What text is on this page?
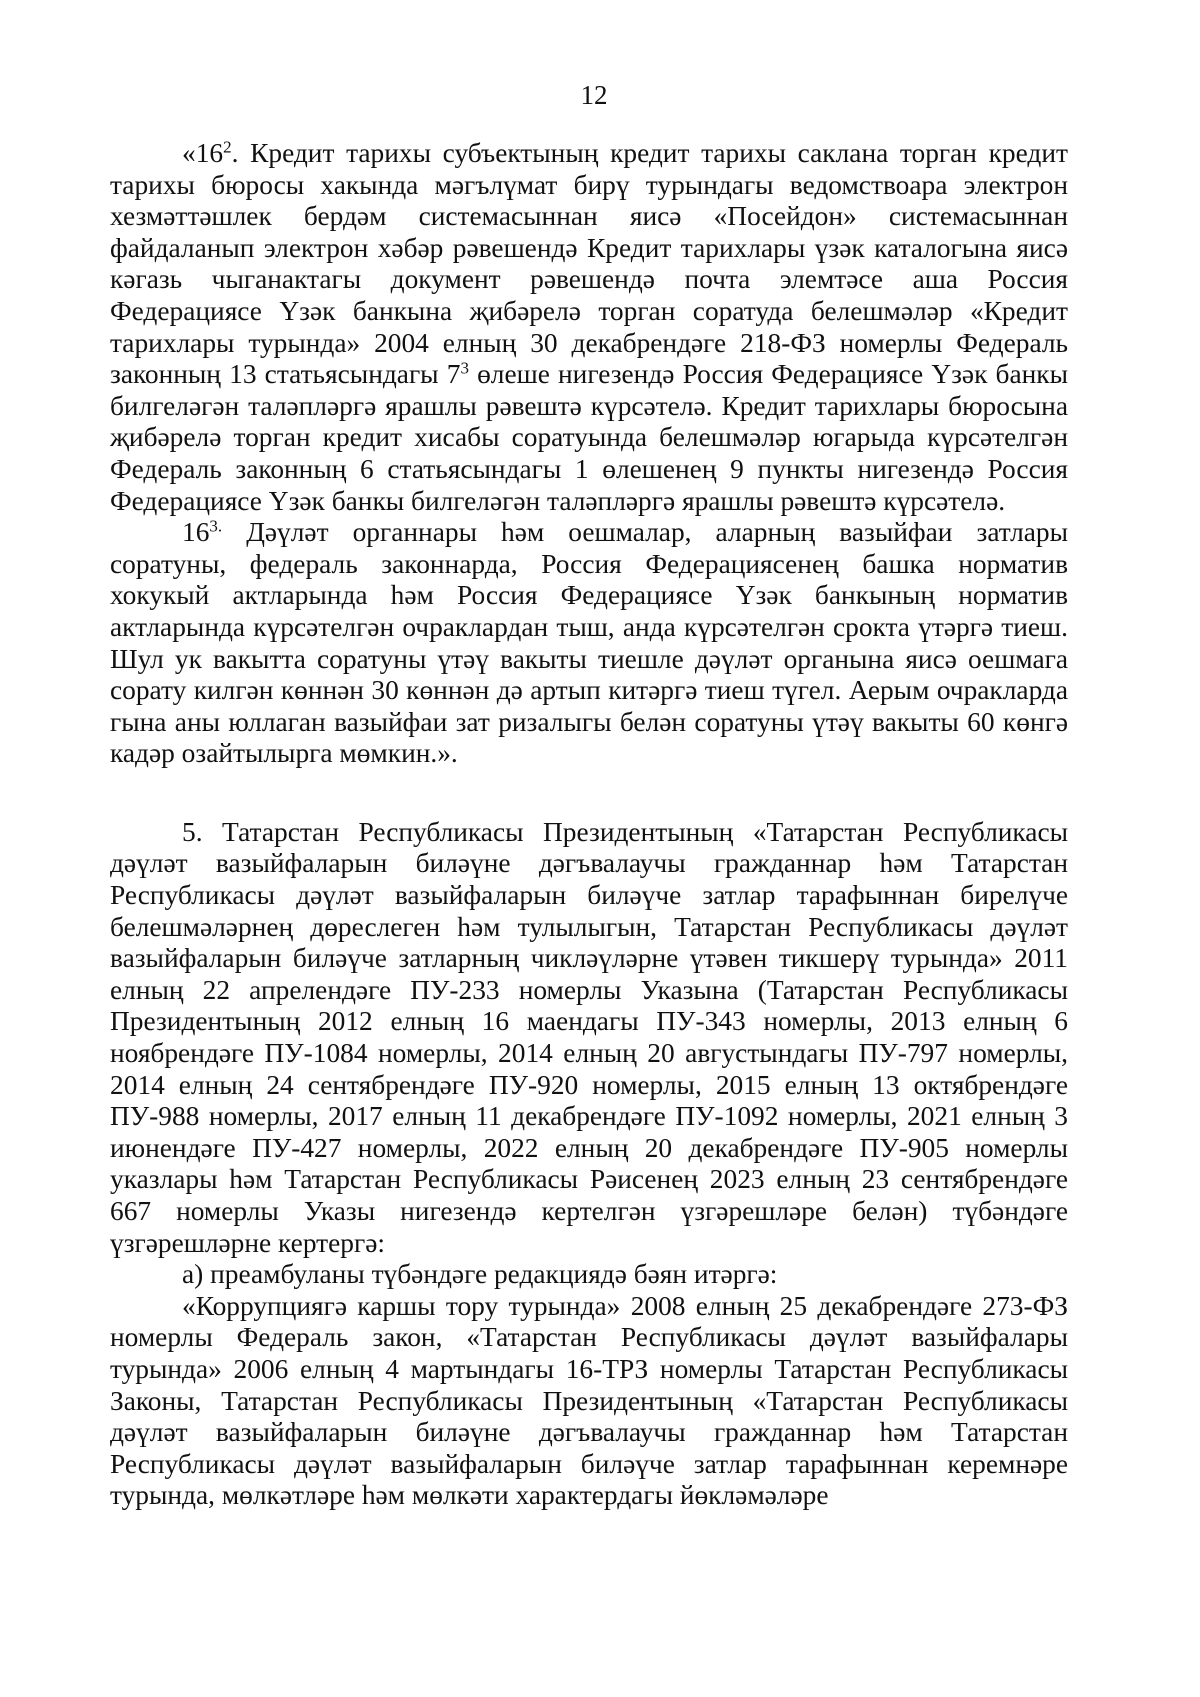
12

«$16^2$. Кредит тарихы субъектының кредит тарихы саклана торган кредит тарихы бюросы хакында мәгълүмат бирү турындагы ведомствоара электрон хезмәттәшлек бердәм системасыннан яисә «Посейдон» системасыннан файдаланып электрон хәбәр рәвешендә Кредит тарихлары үзәк каталогына яисә кәгазь чыганактагы документ рәвешендә почта элемтәсе аша Россия Федерациясе Үзәк банкына җибәрелә торган соратуда белешмәләр «Кредит тарихлары турында» 2004 елның 30 декабрендәге 218-ФЗ номерлы Федераль законның 13 статьясындагы $7^3$ өлеше нигезендә Россия Федерациясе Үзәк банкы билгеләгән таләпләргә ярашлы рәвештә күрсәтелә. Кредит тарихлары бюросына җибәрелә торган кредит хисабы соратуында белешмәләр югарыда күрсәтелгән Федераль законның 6 статьясындагы 1 өлешенең 9 пункты нигезендә Россия Федерациясе Үзәк банкы билгеләгән таләпләргә ярашлы рәвештә күрсәтелә.

$16^{3.}$ Дәүләт органнары һәм оешмалар, аларның вазыйфаи затлары соратуны, федераль законнарда, Россия Федерациясенең башка норматив хокукый актларында һәм Россия Федерациясе Үзәк банкының норматив актларында күрсәтелгән очраклардан тыш, анда күрсәтелгән срокта үтәргә тиеш. Шул ук вакытта соратуны үтәү вакыты тиешле дәүләт органына яисә оешмага сорату килгән көннән 30 көннән дә артып китәргә тиеш түгел. Аерым очракларда гына аны юллаган вазыйфаи зат ризалыгы белән соратуны үтәү вакыты 60 көнгә кадәр озайтылырга мөмкин.».

5. Татарстан Республикасы Президентының «Татарстан Республикасы дәүләт вазыйфаларын биләүне дәгъвалаучы гражданнар һәм Татарстан Республикасы дәүләт вазыйфаларын биләүче затлар тарафыннан бирелүче белешмәләрнең дөреслеген һәм тулылыгын, Татарстан Республикасы дәүләт вазыйфаларын биләүче затларның чикләүләрне үтәвен тикшерү турында» 2011 елның 22 апрелендәге ПУ-233 номерлы Указына (Татарстан Республикасы Президентының 2012 елның 16 маендагы ПУ-343 номерлы, 2013 елның 6 ноябрендәге ПУ-1084 номерлы, 2014 елның 20 августындагы ПУ-797 номерлы, 2014 елның 24 сентябрендәге ПУ-920 номерлы, 2015 елның 13 октябрендәге ПУ-988 номерлы, 2017 елның 11 декабрендәге ПУ-1092 номерлы, 2021 елның 3 июнендәге ПУ-427 номерлы, 2022 елның 20 декабрендәге ПУ-905 номерлы указлары һәм Татарстан Республикасы Рәисенең 2023 елның 23 сентябрендәге 667 номерлы Указы нигезендә кертелгән үзгәрешләре белән) түбәндәге үзгәрешләрне кертергә:

а) преамбуланы түбәндәге редакциядә бәян итәргә:

«Коррупциягә каршы тору турында» 2008 елның 25 декабрендәге 273-ФЗ номерлы Федераль закон, «Татарстан Республикасы дәүләт вазыйфалары турында» 2006 елның 4 мартындагы 16-ТРЗ номерлы Татарстан Республикасы Законы, Татарстан Республикасы Президентының «Татарстан Республикасы дәүләт вазыйфаларын биләүне дәгъвалаучы гражданнар һәм Татарстан Республикасы дәүләт вазыйфаларын биләүче затлар тарафыннан керемнәре турында, мөлкәтләре һәм мөлкәти характердагы йөкләмәләре
